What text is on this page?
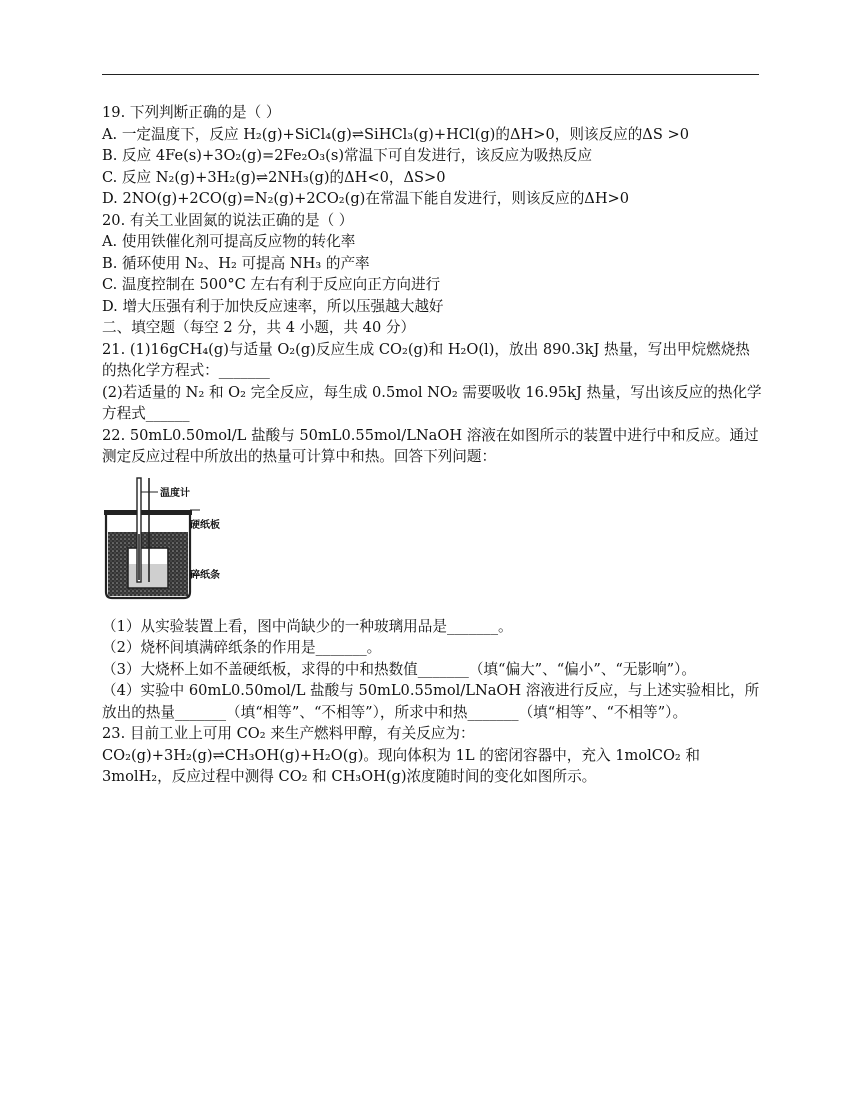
19. 下列判断正确的是（ ）

A. 一定温度下，反应 H₂(g)+SiCl₄(g)⇌SiHCl₃(g)+HCl(g)的ΔH>0，则该反应的ΔS >0

B. 反应 4Fe(s)+3O₂(g)=2Fe₂O₃(s)常温下可自发进行，该反应为吸热反应

C. 反应 N₂(g)+3H₂(g)⇌2NH₃(g)的ΔH<0，ΔS>0

D. 2NO(g)+2CO(g)=N₂(g)+2CO₂(g)在常温下能自发进行，则该反应的ΔH>0

20. 有关工业固氮的说法正确的是（ ）

A. 使用铁催化剂可提高反应物的转化率

B. 循环使用 N₂、H₂ 可提高 NH₃ 的产率

C. 温度控制在 500°C 左右有利于反应向正方向进行

D. 增大压强有利于加快反应速率，所以压强越大越好

二、填空题（每空 2 分，共 4 小题，共 40 分）

21. (1)16gCH₄(g)与适量 O₂(g)反应生成 CO₂(g)和 H₂O(l)，放出 890.3kJ 热量，写出甲烷燃烧热的热化学方程式：_______

(2)若适量的 N₂ 和 O₂ 完全反应，每生成 0.5mol NO₂ 需要吸收 16.95kJ 热量，写出该反应的热化学方程式______

22. 50mL0.50mol/L 盐酸与 50mL0.55mol/LNaOH 溶液在如图所示的装置中进行中和反应。通过测定反应过程中所放出的热量可计算中和热。回答下列问题：

温度计
硬纸板
碎纸条

（1）从实验装置上看，图中尚缺少的一种玻璃用品是_______。

（2）烧杯间填满碎纸条的作用是_______。

（3）大烧杯上如不盖硬纸板，求得的中和热数值_______（填“偏大”、“偏小”、“无影响”）。

（4）实验中 60mL0.50mol/L 盐酸与 50mL0.55mol/LNaOH 溶液进行反应，与上述实验相比，所放出的热量_______（填“相等”、“不相等”），所求中和热_______（填“相等”、“不相等”）。

23. 目前工业上可用 CO₂ 来生产燃料甲醇，有关反应为：

CO₂(g)+3H₂(g)⇌CH₃OH(g)+H₂O(g)。现向体积为 1L 的密闭容器中，充入 1molCO₂ 和 3molH₂，反应过程中测得 CO₂ 和 CH₃OH(g)浓度随时间的变化如图所示。
